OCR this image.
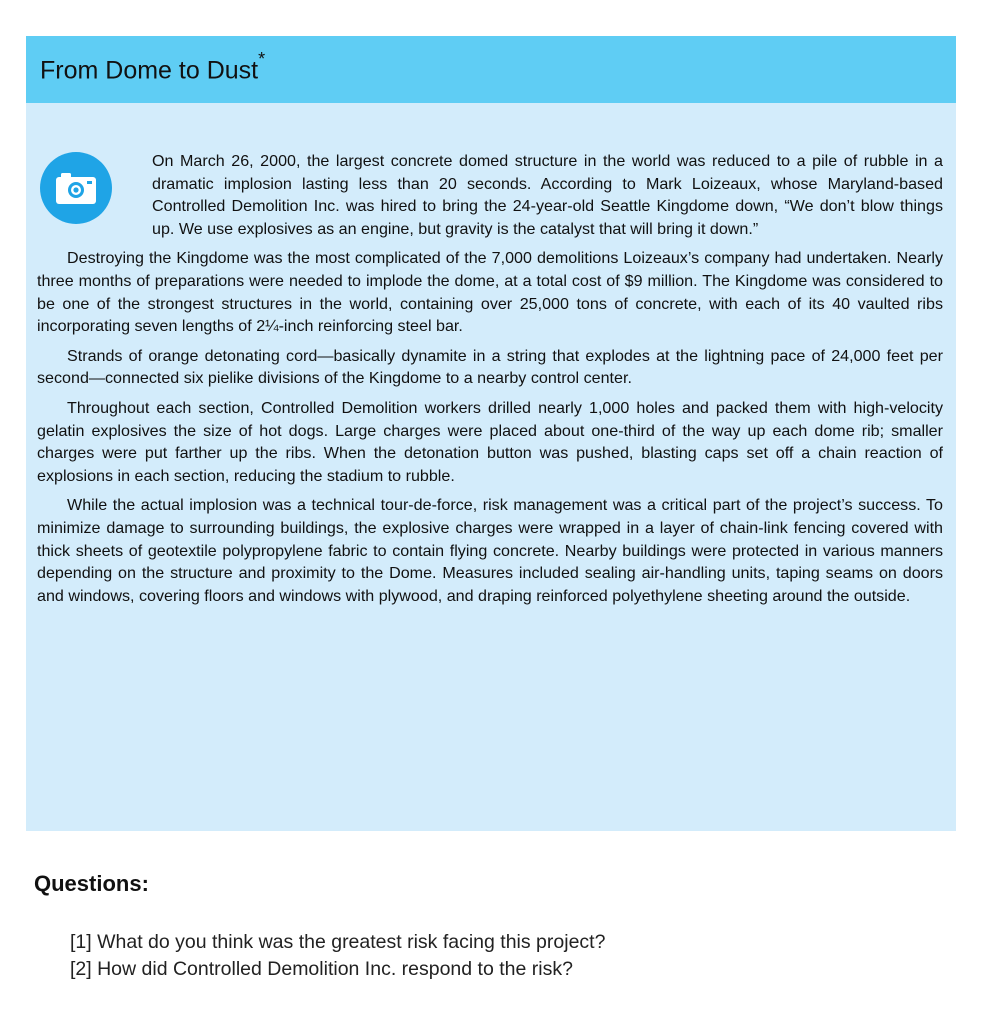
From Dome to Dust*

On March 26, 2000, the largest concrete domed structure in the world was reduced to a pile of rubble in a dramatic implosion lasting less than 20 seconds. According to Mark Loizeaux, whose Maryland-based Controlled Demolition Inc. was hired to bring the 24-year-old Seattle Kingdome down, “We don’t blow things up. We use explosives as an engine, but gravity is the catalyst that will bring it down.”

Destroying the Kingdome was the most complicated of the 7,000 demolitions Loizeaux’s company had undertaken. Nearly three months of preparations were needed to implode the dome, at a total cost of $9 million. The Kingdome was considered to be one of the strongest structures in the world, containing over 25,000 tons of concrete, with each of its 40 vaulted ribs incorporating seven lengths of 2¼-inch reinforcing steel bar.

Strands of orange detonating cord—basically dynamite in a string that explodes at the lightning pace of 24,000 feet per second—connected six pielike divisions of the Kingdome to a nearby control center.

Throughout each section, Controlled Demolition workers drilled nearly 1,000 holes and packed them with high-velocity gelatin explosives the size of hot dogs. Large charges were placed about one-third of the way up each dome rib; smaller charges were put farther up the ribs. When the detonation button was pushed, blasting caps set off a chain reaction of explosions in each section, reducing the stadium to rubble.

While the actual implosion was a technical tour-de-force, risk management was a critical part of the project’s success. To minimize damage to surrounding buildings, the explosive charges were wrapped in a layer of chain-link fencing covered with thick sheets of geotextile polypropylene fabric to contain flying concrete. Nearby buildings were protected in various manners depending on the structure and proximity to the Dome. Measures included sealing air-handling units, taping seams on doors and windows, covering floors and windows with plywood, and draping reinforced polyethylene sheeting around the outside.

Questions:
[1] What do you think was the greatest risk facing this project?
[2] How did Controlled Demolition Inc. respond to the risk?
